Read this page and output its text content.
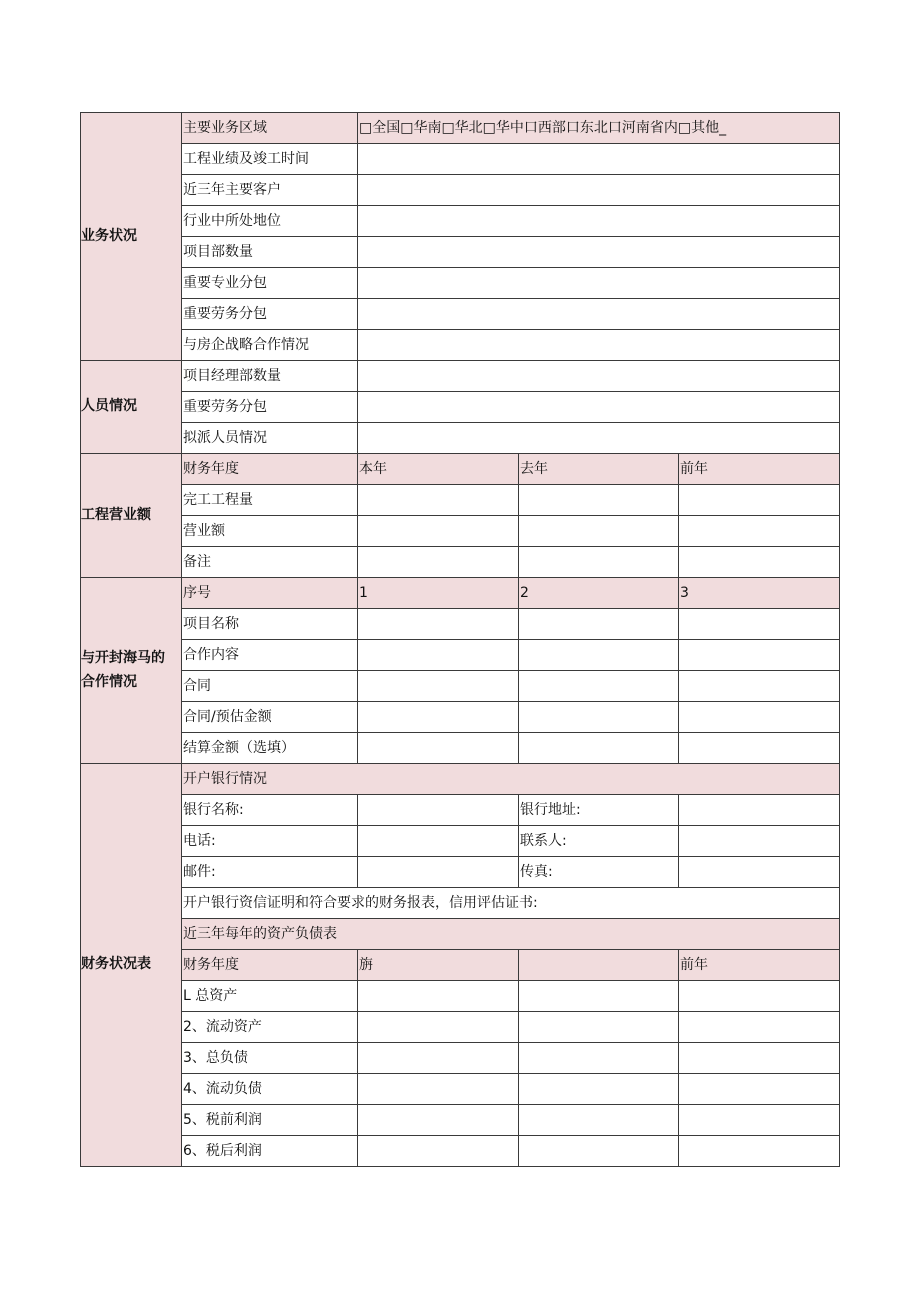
业务状况	主要业务区域	□全国□华南□华北□华中口西部口东北口河南省内□其他_		
	工程业绩及竣工时间			
	近三年主要客户			
	行业中所处地位			
	项目部数量			
	重要专业分包			
	重要劳务分包			
	与房企战略合作情况			
人员情况	项目经理部数量			
	重要劳务分包			
	拟派人员情况			
工程营业额	财务年度	本年	去年	前年
	完工工程量			
	营业额			
	备注			
与开封海马的
合作情况	序号	1	2	3
	项目名称			
	合作内容			
	合同			
	合同/预估金额			
	结算金额（选填）			
财务状况表	开户银行情况			
	银行名称:		银行地址:	
	电话:		联系人:	
	邮件:		传真:	
	开户银行资信证明和符合要求的财务报表，信用评估证书:			
	近三年每年的资产负债表			
	财务年度	旃		前年
	L 总资产			
	2、流动资产			
	3、总负债			
	4、流动负债			
	5、税前利润			
	6、税后利润			
